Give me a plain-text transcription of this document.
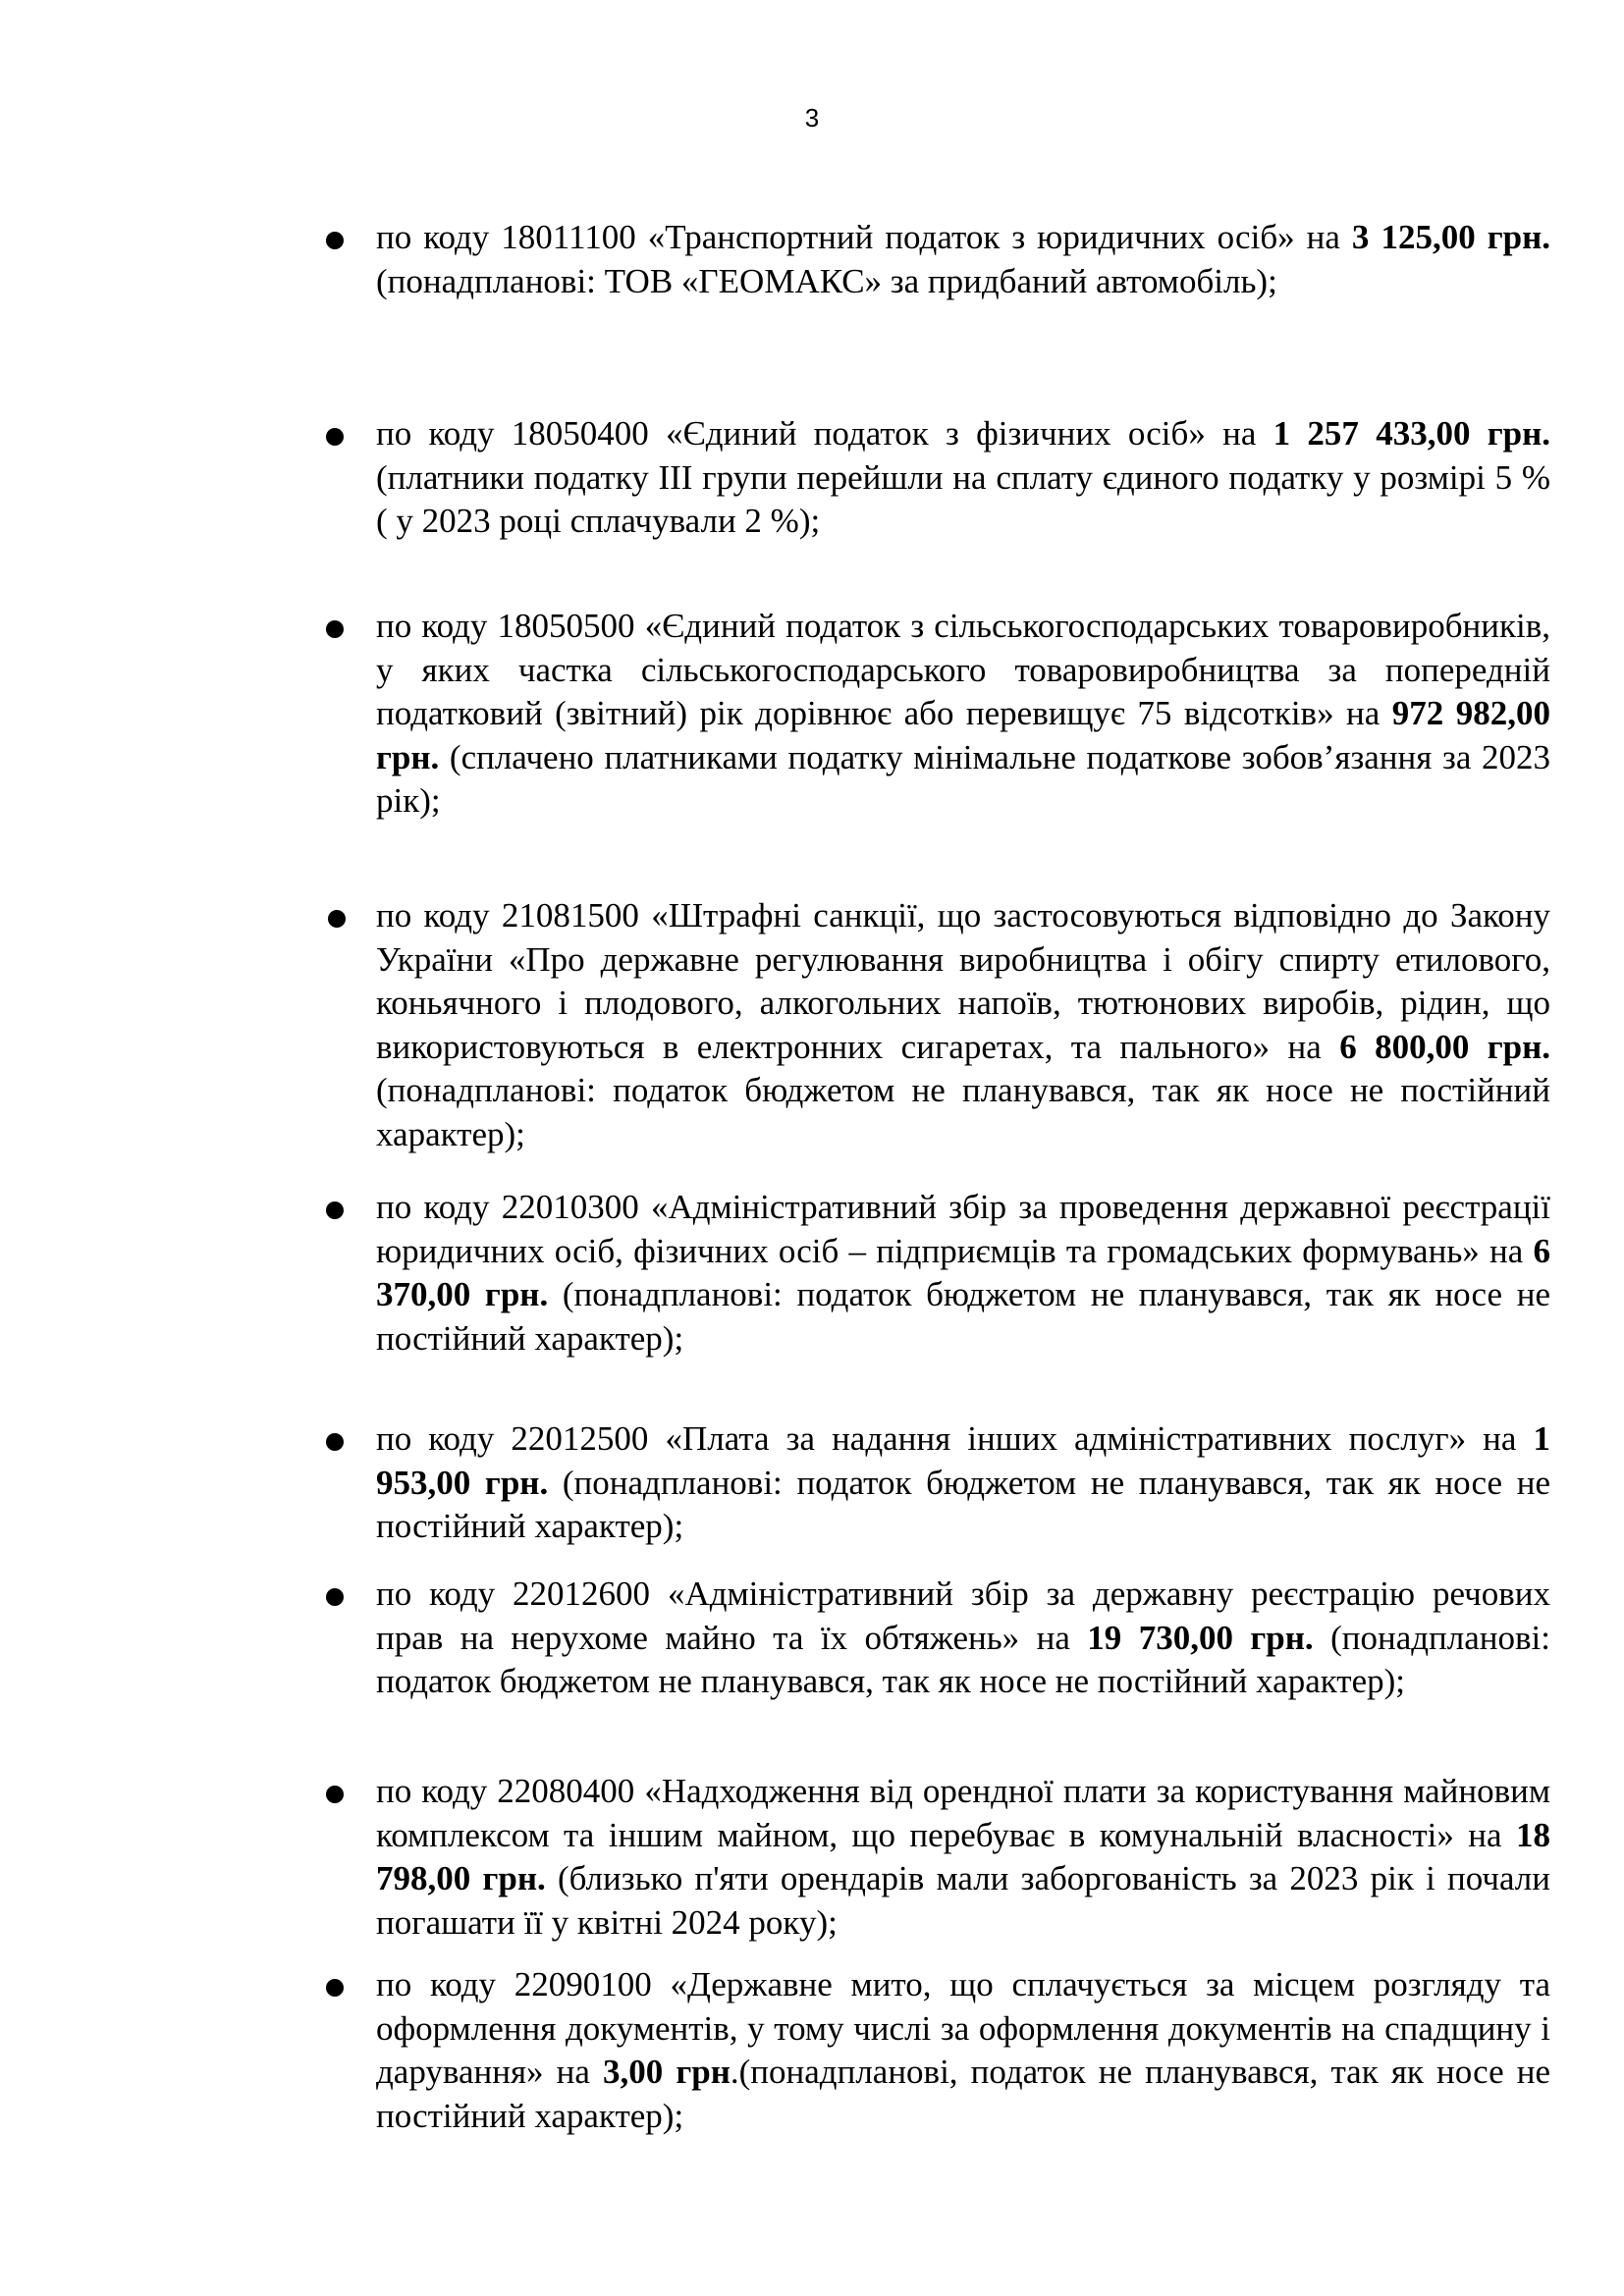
3

по коду 18011100 «Транспортний податок з юридичних осіб» на 3 125,00 грн. (понадпланові: ТОВ «ГЕОМАКС» за придбаний автомобіль);

по коду 18050400 «Єдиний податок з фізичних осіб» на 1 257 433,00 грн. (платники податку ІІІ групи перейшли на сплату єдиного податку у розмірі 5 % ( у 2023 році сплачували 2 %);

по коду 18050500 «Єдиний податок з сільськогосподарських товаровиробників, у яких частка сільськогосподарського товаровиробництва за попередній податковий (звітний) рік дорівнює або перевищує 75 відсотків» на 972 982,00 грн. (сплачено платниками податку мінімальне податкове зобов’язання за 2023 рік);

по коду 21081500 «Штрафні санкції, що застосовуються відповідно до Закону України «Про державне регулювання виробництва і обігу спирту етилового, коньячного і плодового, алкогольних напоїв, тютюнових виробів, рідин, що використовуються в електронних сигаретах, та пального» на 6 800,00 грн. (понадпланові: податок бюджетом не планувався, так як носе не постійний характер);

по коду 22010300 «Адміністративний збір за проведення державної реєстрації юридичних осіб, фізичних осіб – підприємців та громадських формувань» на 6 370,00 грн. (понадпланові: податок бюджетом не планувався, так як носе не постійний характер);

по коду 22012500 «Плата за надання інших адміністративних послуг» на 1 953,00 грн. (понадпланові: податок бюджетом не планувався, так як носе не постійний характер);

по коду 22012600 «Адміністративний збір за державну реєстрацію речових прав на нерухоме майно та їх обтяжень» на 19 730,00 грн. (понадпланові: податок бюджетом не планувався, так як носе не постійний характер);

по коду 22080400 «Надходження від орендної плати за користування майновим комплексом та іншим майном, що перебуває в комунальній власності» на 18 798,00 грн. (близько п'яти орендарів мали заборгованість за 2023 рік і почали погашати її у квітні 2024 року);

по коду 22090100 «Державне мито, що сплачується за місцем розгляду та оформлення документів, у тому числі за оформлення документів на спадщину і дарування» на 3,00 грн.(понадпланові, податок не планувався, так як носе не постійний характер);
